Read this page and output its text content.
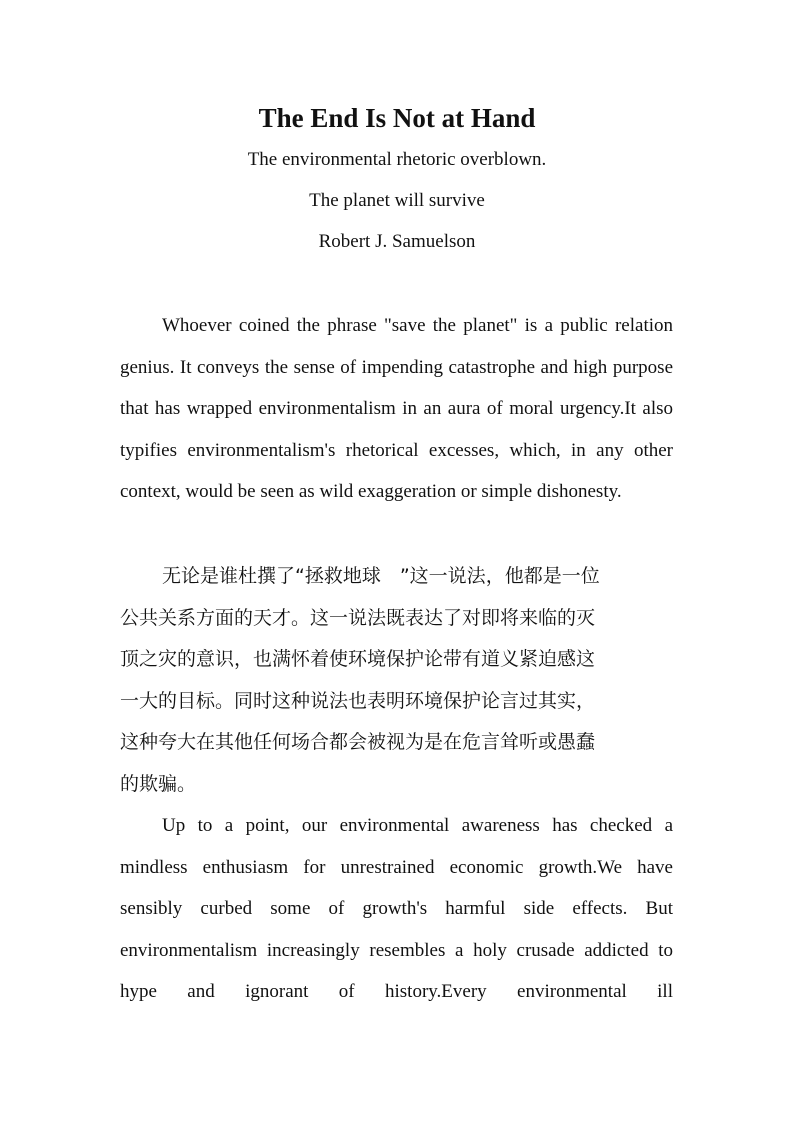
The End Is Not at Hand

The environmental rhetoric overblown.

The planet will survive

Robert J. Samuelson

Whoever coined the phrase "save the planet" is a public relation genius. It conveys the sense of impending catastrophe and high purpose that has wrapped environmentalism in an aura of moral urgency.It also typifies environmentalism's rhetorical excesses, which, in any other context, would be seen as wild exaggeration or simple dishonesty.

无论是谁杜撰了“拯救地球　”这一说法，他都是一位
公共关系方面的天才。这一说法既表达了对即将来临的灭
顶之灾的意识，也满怀着使环境保护论带有道义紧迫感这
一大的目标。同时这种说法也表明环境保护论言过其实，
这种夸大在其他任何场合都会被视为是在危言耸听或愚蠢
的欺骗。

Up to a point, our environmental awareness has checked a mindless enthusiasm for unrestrained economic growth.We have sensibly curbed some of growth's harmful side effects. But environmentalism increasingly resembles a holy crusade addicted to hype and ignorant of history.Every environmental ill
